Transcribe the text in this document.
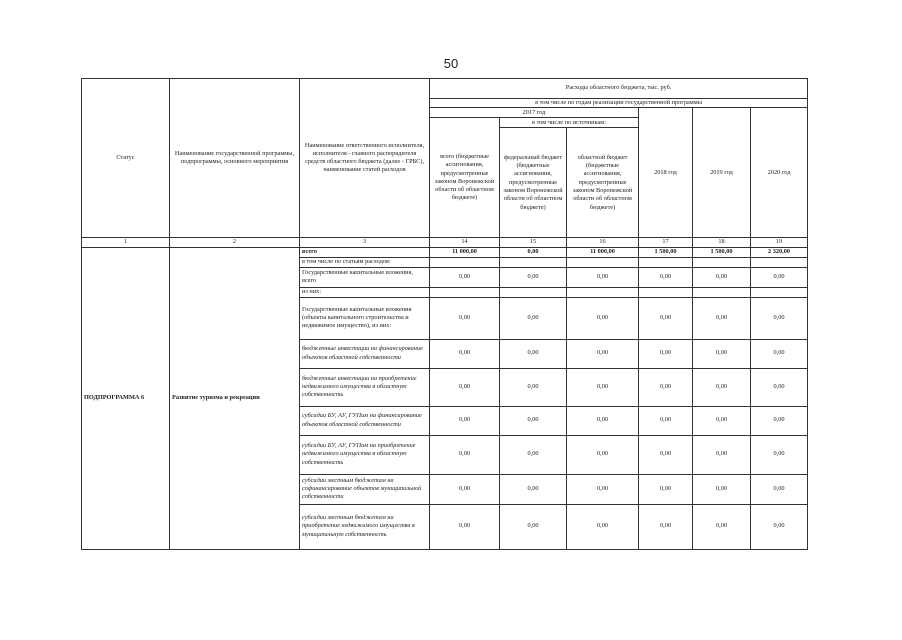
50
Статус	Наименование государственной программы, подпрограммы, основного мероприятия	Наименование ответственного исполнителя, исполнителя - главного распорядителя средств областного бюджета (далее - ГРБС), наименование статей расходов	Расходы областного бюджета, тыс. руб.					
			в том числе по годам реализации государственной программы					
			2017 год			2018 год	2019 год	2020 год
			всего (бюджетные ассигнования, предусмотренные законом Воронежской области об областном бюджете)	в том числе по источникам:				
				федеральный бюджет (бюджетные ассигнования, предусмотренные законом Воронежской области об областном бюджете)	областной бюджет (бюджетные ассигнования, предусмотренные законом Воронежской области об областном бюджете)			
1	2	3	14	15	16	17	18	19
ПОДПРОГРАММА 6	Развитие туризма и рекреации	всего	11 000,00	0,00	11 000,00	1 500,00	1 500,00	2 320,00
		в том числе по статьям расходов:						
		Государственные капитальные вложения, всего	0,00	0,00	0,00	0,00	0,00	0,00
		из них:						
		Государственные капитальные вложения (объекты капитального строительства и недвижимое имущество), из них:	0,00	0,00	0,00	0,00	0,00	0,00
		бюджетные инвестиции на финансирование объектов областной собственности	0,00	0,00	0,00	0,00	0,00	0,00
		бюджетные инвестиции на приобретение недвижимого имущества в областную собственность	0,00	0,00	0,00	0,00	0,00	0,00
		субсидии БУ, АУ, ГУПам на финансирование объектов областной собственности	0,00	0,00	0,00	0,00	0,00	0,00
		субсидии БУ, АУ, ГУПам на приобретение недвижимого имущества в областную собственность	0,00	0,00	0,00	0,00	0,00	0,00
		субсидии местным бюджетам на софинансирование объектов муниципальной собственности	0,00	0,00	0,00	0,00	0,00	0,00
		субсидии местным бюджетам на приобретение недвижимого имущества в муниципальную собственность	0,00	0,00	0,00	0,00	0,00	0,00
